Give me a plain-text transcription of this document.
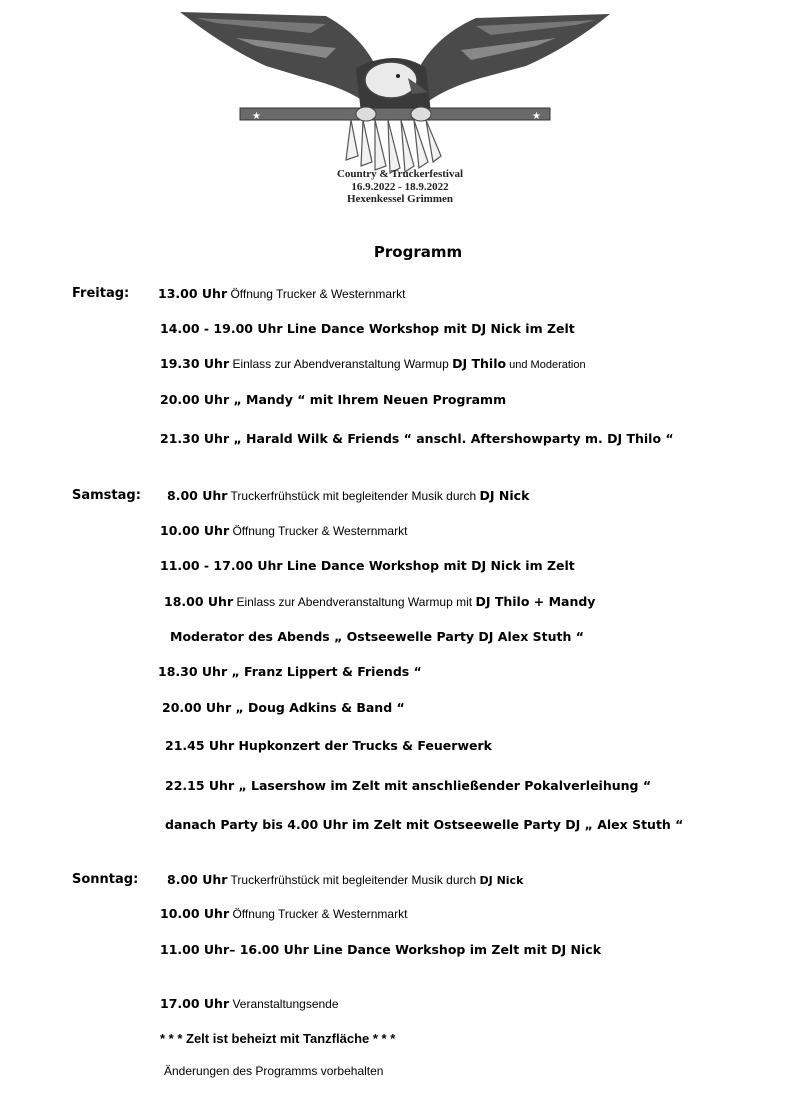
★	★
Country & Truckerfestival
16.9.2022 - 18.9.2022
Hexenkessel Grimmen
Programm
Freitag: 13.00 Uhr Öffnung Trucker & Westernmarkt
14.00 - 19.00 Uhr Line Dance Workshop mit DJ Nick im Zelt
19.30 Uhr Einlass zur Abendveranstaltung Warmup DJ Thilo und Moderation
20.00 Uhr „ Mandy “ mit Ihrem Neuen Programm
21.30 Uhr „ Harald Wilk & Friends “ anschl. Aftershowparty m. DJ Thilo “
Samstag: 8.00 Uhr Truckerfrühstück mit begleitender Musik durch DJ Nick
10.00 Uhr Öffnung Trucker & Westernmarkt
11.00 - 17.00 Uhr Line Dance Workshop mit DJ Nick im Zelt
18.00 Uhr Einlass zur Abendveranstaltung Warmup mit DJ Thilo + Mandy
Moderator des Abends „ Ostseewelle Party DJ Alex Stuth “
18.30 Uhr „ Franz Lippert & Friends “
20.00 Uhr „ Doug Adkins & Band “
21.45 Uhr Hupkonzert der Trucks & Feuerwerk
22.15 Uhr „ Lasershow im Zelt mit anschließender Pokalverleihung “
danach Party bis 4.00 Uhr im Zelt mit Ostseewelle Party DJ „ Alex Stuth “
Sonntag: 8.00 Uhr Truckerfrühstück mit begleitender Musik durch DJ Nick
10.00 Uhr Öffnung Trucker & Westernmarkt
11.00 Uhr– 16.00 Uhr Line Dance Workshop im Zelt mit DJ Nick
17.00 Uhr Veranstaltungsende
* * * Zelt ist beheizt mit Tanzfläche * * *
Änderungen des Programms vorbehalten
